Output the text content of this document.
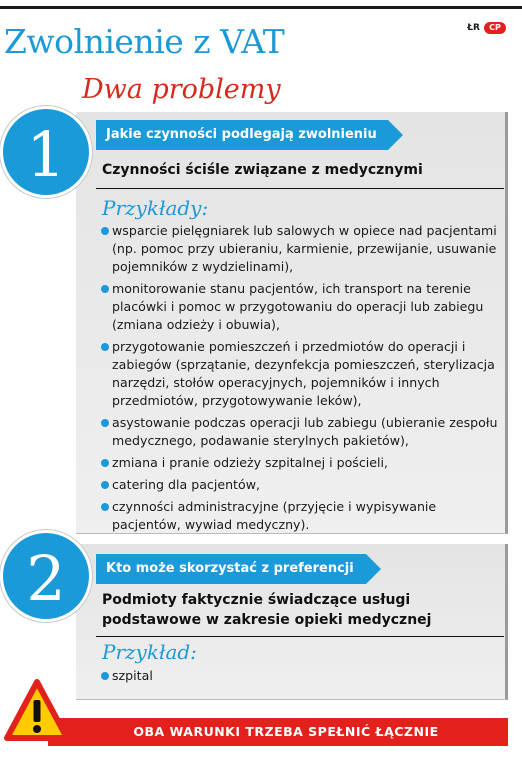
ŁR	CP
Zwolnienie z VAT
Dwa problemy
1	Jakie czynności podlegają zwolnieniu
Czynności ściśle związane z medycznymi
Przykłady:
wsparcie pielęgniarek lub salowych w opiece nad pacjentami (np. pomoc przy ubieraniu, karmienie, przewijanie, usuwanie pojemników z wydzielinami),
monitorowanie stanu pacjentów, ich transport na terenie placówki i pomoc w przygotowaniu do operacji lub zabiegu (zmiana odzieży i obuwia),
przygotowanie pomieszczeń i przedmiotów do operacji i zabiegów (sprzątanie, dezynfekcja pomieszczeń, sterylizacja narzędzi, stołów operacyjnych, pojemników i innych przedmiotów, przygotowywanie leków),
asystowanie podczas operacji lub zabiegu (ubieranie zespołu medycznego, podawanie sterylnych pakietów),
zmiana i pranie odzieży szpitalnej i pościeli,
catering dla pacjentów,
czynności administracyjne (przyjęcie i wypisywanie pacjentów, wywiad medyczny).
2	Kto może skorzystać z preferencji
Podmioty faktycznie świadczące usługi podstawowe w zakresie opieki medycznej
Przykład:
szpital
OBA WARUNKI TRZEBA SPEŁNIĆ ŁĄCZNIE
